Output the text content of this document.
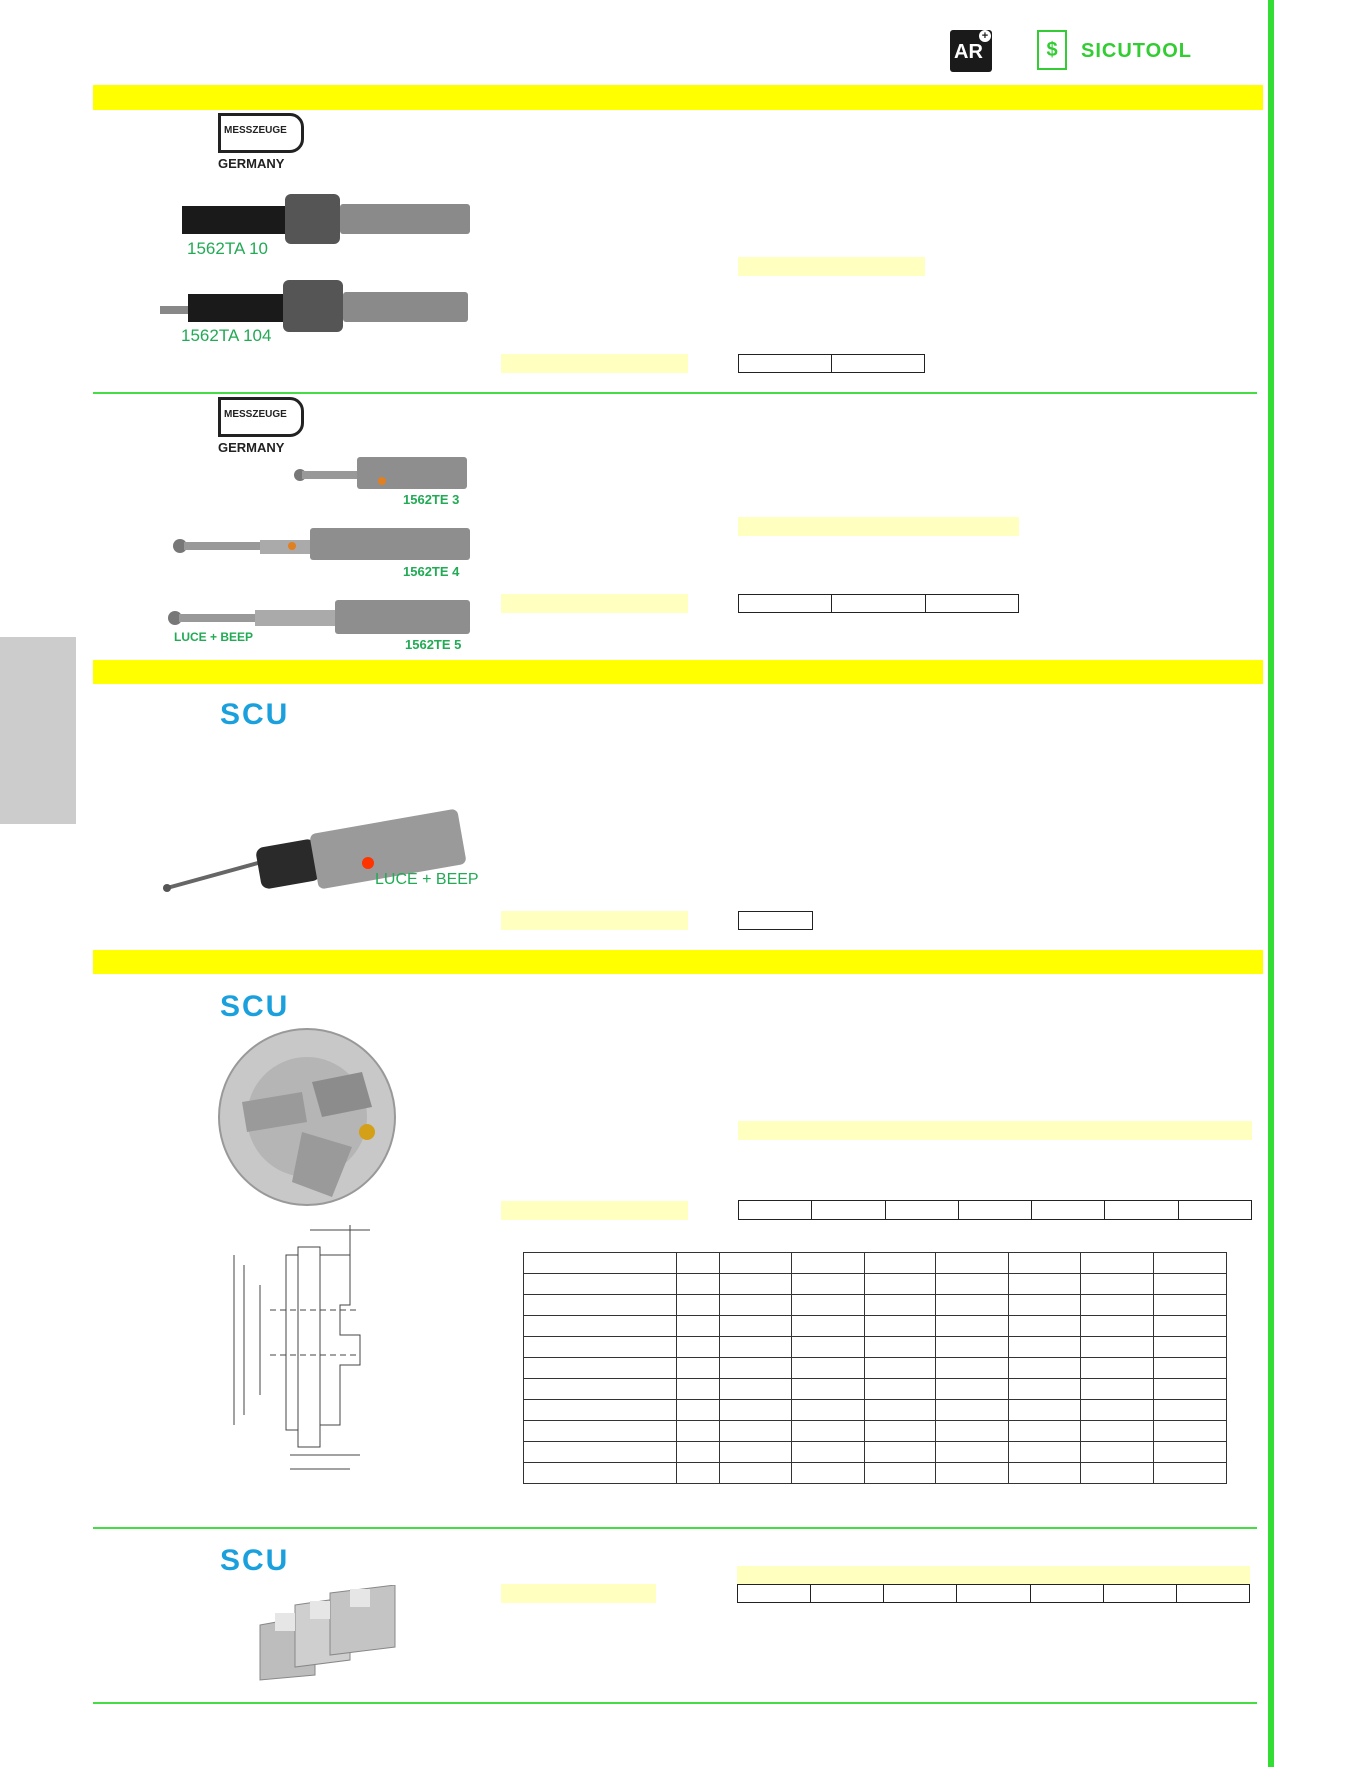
AR
+
$	SICUTOOL
MESSZEUGE
GERMANY
1562TA 10
1562TA 104
MESSZEUGE
GERMANY
1562TE 3
1562TE 4
LUCE + BEEP	1562TE 5
SCU
LUCE + BEEP
SCU

SCU
